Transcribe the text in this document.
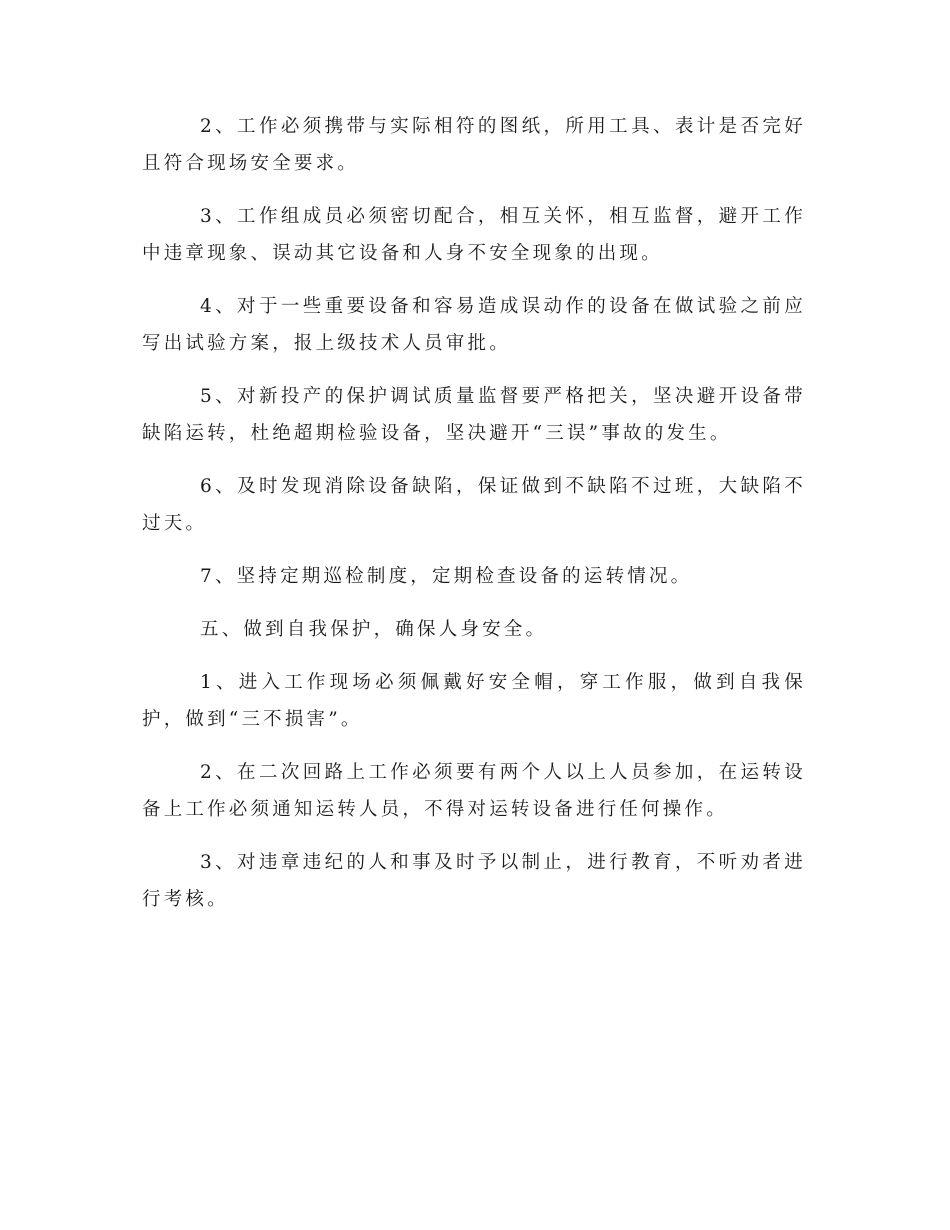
2、工作必须携带与实际相符的图纸，所用工具、表计是否完好且符合现场安全要求。

3、工作组成员必须密切配合，相互关怀，相互监督，避开工作中违章现象、误动其它设备和人身不安全现象的出现。

4、对于一些重要设备和容易造成误动作的设备在做试验之前应写出试验方案，报上级技术人员审批。

5、对新投产的保护调试质量监督要严格把关，坚决避开设备带缺陷运转，杜绝超期检验设备，坚决避开“三误”事故的发生。

6、及时发现消除设备缺陷，保证做到不缺陷不过班，大缺陷不过天。

7、坚持定期巡检制度，定期检查设备的运转情况。

五、做到自我保护，确保人身安全。

1、进入工作现场必须佩戴好安全帽，穿工作服，做到自我保护，做到“三不损害”。

2、在二次回路上工作必须要有两个人以上人员参加，在运转设备上工作必须通知运转人员，不得对运转设备进行任何操作。

3、对违章违纪的人和事及时予以制止，进行教育，不听劝者进行考核。
